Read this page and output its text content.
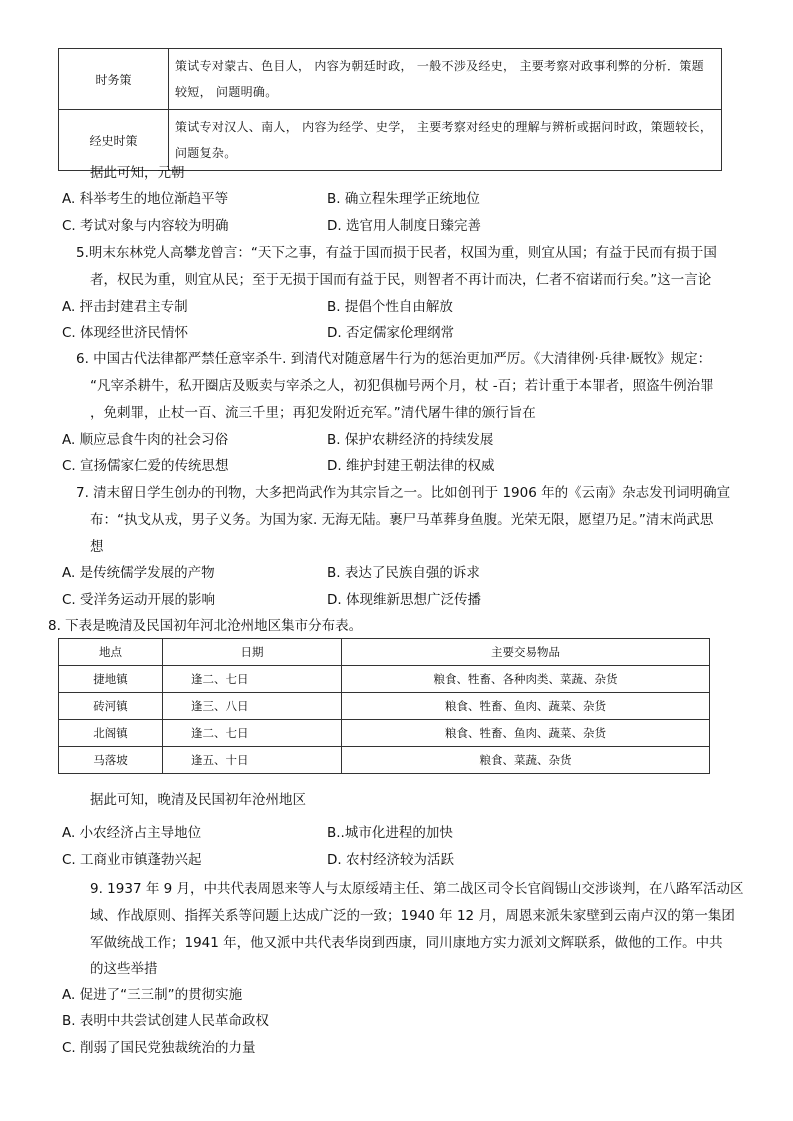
时务策	策试专对蒙古、色目人， 内容为朝廷时政， 一般不涉及经史， 主要考察对政事利弊的分析．策题较短， 问题明确。
经史时策	策试专对汉人、南人， 内容为经学、史学， 主要考察对经史的理解与辨析或据问时政，策题较长， 问题复杂。
据此可知，元朝
A. 科举考生的地位渐趋平等	B. 确立程朱理学正统地位
C. 考试对象与内容较为明确	D. 选官用人制度日臻完善
5.明末东林党人高攀龙曾言：“天下之事，有益于国而损于民者，权国为重，则宜从国；有益于民而有损于国
者，权民为重，则宜从民；至于无损于国而有益于民，则智者不再计而决，仁者不宿诺而行矣。”这一言论
A. 抨击封建君主专制	B. 提倡个性自由解放
C. 体现经世济民情怀	D. 否定儒家伦理纲常
6. 中国古代法律都严禁任意宰杀牛. 到清代对随意屠牛行为的惩治更加严厉。《大清律例·兵律·厩牧》规定：
“凡宰杀耕牛，私开圈店及贩卖与宰杀之人，初犯俱枷号两个月，杖 -百；若计重于本罪者，照盗牛例治罪
，免刺罪，止杖一百、流三千里；再犯发附近充军。”清代屠牛律的颁行旨在
A. 顺应忌食牛肉的社会习俗	B. 保护农耕经济的持续发展
C. 宣扬儒家仁爱的传统思想	D. 维护封建王朝法律的权威
7. 清末留日学生创办的刊物，大多把尚武作为其宗旨之一。比如创刊于 1906 年的《云南》杂志发刊词明确宣
布：“执戈从戎，男子义务。为国为家. 无海无陆。裹尸马革葬身鱼腹。光荣无限，愿望乃足。”清末尚武思
想
A. 是传统儒学发展的产物	B. 表达了民族自强的诉求
C. 受洋务运动开展的影响	D. 体现维新思想广泛传播
8. 下表是晚清及民国初年河北沧州地区集市分布表。
地点	日期	主要交易物品
捷地镇	逢二、七日	粮食、牲畜、各种肉类、菜蔬、杂货
砖河镇	逢三、八日	粮食、牲畜、鱼肉、蔬菜、杂货
北阁镇	逢二、七日	粮食、牲畜、鱼肉、蔬菜、杂货
马落坡	逢五、十日	粮食、菜蔬、杂货
据此可知，晚清及民国初年沧州地区
A. 小农经济占主导地位	B..城市化进程的加快
C. 工商业市镇蓬勃兴起	D. 农村经济较为活跃
9. 1937 年 9 月，中共代表周恩来等人与太原绥靖主任、第二战区司令长官阎锡山交涉谈判，在八路军活动区
域、作战原则、指挥关系等问题上达成广泛的一致；1940 年 12 月，周恩来派朱家壁到云南卢汉的第一集团
军做统战工作；1941 年，他又派中共代表华岗到西康，同川康地方实力派刘文辉联系，做他的工作。中共
的这些举措
A. 促进了“三三制”的贯彻实施
B. 表明中共尝试创建人民革命政权
C. 削弱了国民党独裁统治的力量
